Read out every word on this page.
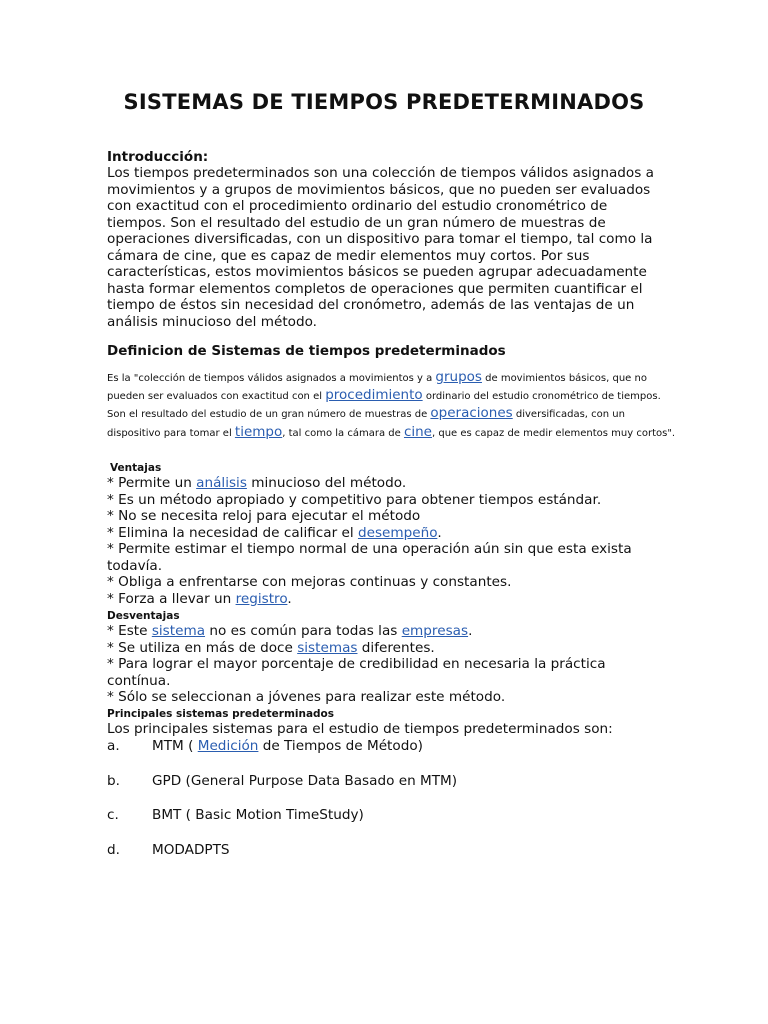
SISTEMAS DE TIEMPOS PREDETERMINADOS
Introducción:
Los tiempos predeterminados son una colección de tiempos válidos asignados a movimientos y a grupos de movimientos básicos, que no pueden ser evaluados con exactitud con el procedimiento ordinario del estudio cronométrico de tiempos. Son el resultado del estudio de un gran número de muestras de operaciones diversificadas, con un dispositivo para tomar el tiempo, tal como la cámara de cine, que es capaz de medir elementos muy cortos. Por sus características, estos movimientos básicos se pueden agrupar adecuadamente hasta formar elementos completos de operaciones que permiten cuantificar el tiempo de éstos sin necesidad del cronómetro, además de las ventajas de un análisis minucioso del método.
Definicion de Sistemas de tiempos predeterminados
Es la "colección de tiempos válidos asignados a movimientos y a grupos de movimientos básicos, que no pueden ser evaluados con exactitud con el procedimiento ordinario del estudio cronométrico de tiempos. Son el resultado del estudio de un gran número de muestras de operaciones diversificadas, con un dispositivo para tomar el tiempo, tal como la cámara de cine, que es capaz de medir elementos muy cortos".
Ventajas

* Permite un análisis minucioso del método.

* Es un método apropiado y competitivo para obtener tiempos estándar.

* No se necesita reloj para ejecutar el método

* Elimina la necesidad de calificar el desempeño.

* Permite estimar el tiempo normal de una operación aún sin que esta exista todavía.

* Obliga a enfrentarse con mejoras continuas y constantes.

* Forza a llevar un registro.

Desventajas

* Este sistema no es común para todas las empresas.

* Se utiliza en más de doce sistemas diferentes.

* Para lograr el mayor porcentaje de credibilidad en necesaria la práctica contínua.

* Sólo se seleccionan a jóvenes para realizar este método.

Principales sistemas predeterminados
Los principales sistemas para el estudio de tiempos predeterminados son:
a. MTM ( Medición de Tiempos de Método)
b. GPD (General Purpose Data Basado en MTM)
c. BMT ( Basic Motion TimeStudy)
d. MODADPTS
